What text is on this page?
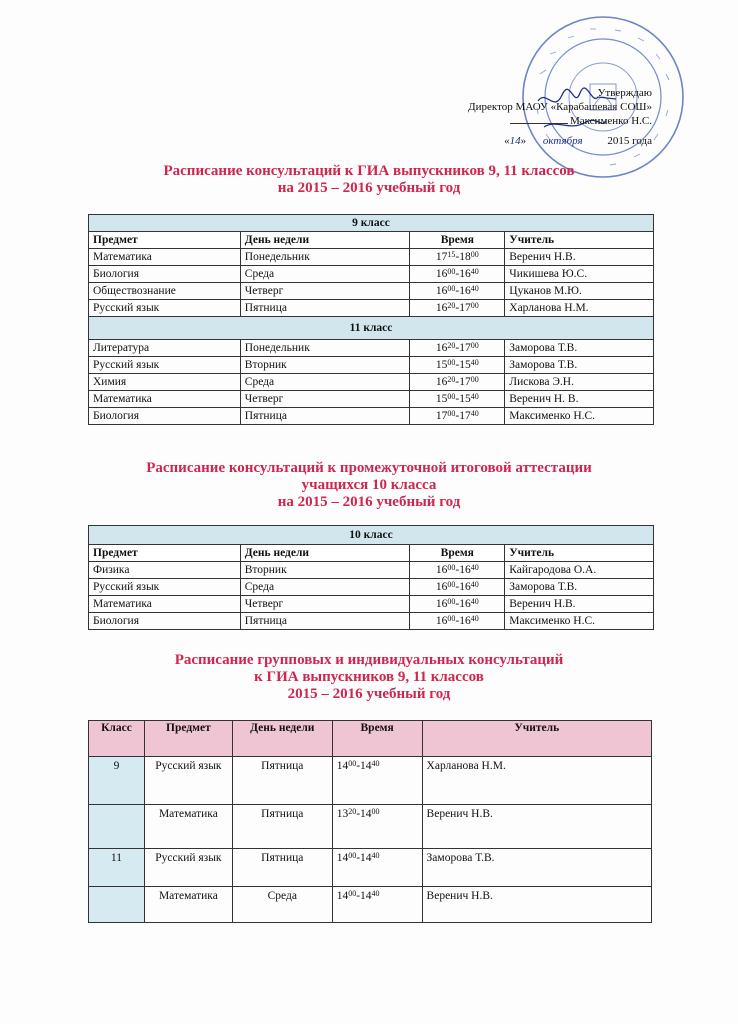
Утверждаю
Директор МАОУ «Карабашевая СОШ»
Максименко Н.С.
«14» октября 2015 года
Расписание консультаций к ГИА выпускников 9, 11 классов
на 2015 – 2016 учебный год
9 класс			
Предмет	День недели	Время	Учитель
Математика	Понедельник	$17^{15}-18^{00}$	Веренич Н.В.
Биология	Среда	$16^{00}-16^{40}$	Чикишева Ю.С.
Обществознание	Четверг	$16^{00}-16^{40}$	Цуканов М.Ю.
Русский язык	Пятница	$16^{20}-17^{00}$	Харланова Н.М.
11 класс			
Литература	Понедельник	$16^{20}-17^{00}$	Заморова Т.В.
Русский язык	Вторник	$15^{00}-15^{40}$	Заморова Т.В.
Химия	Среда	$16^{20}-17^{00}$	Лискова Э.Н.
Математика	Четверг	$15^{00}-15^{40}$	Веренич Н. В.
Биология	Пятница	$17^{00}-17^{40}$	Максименко Н.С.
Расписание консультаций к промежуточной итоговой аттестации
учащихся 10 класса
на 2015 – 2016 учебный год
10 класс			
Предмет	День недели	Время	Учитель
Физика	Вторник	$16^{00}-16^{40}$	Кайгародова О.А.
Русский язык	Среда	$16^{00}-16^{40}$	Заморова Т.В.
Математика	Четверг	$16^{00}-16^{40}$	Веренич Н.В.
Биология	Пятница	$16^{00}-16^{40}$	Максименко Н.С.
Расписание групповых и индивидуальных консультаций
к ГИА выпускников 9, 11 классов
2015 – 2016 учебный год
Класс	Предмет	День недели	Время	Учитель
9	Русский язык	Пятница	$14^{00}-14^{40}$	Харланова Н.М.
	Математика	Пятница	$13^{20}-14^{00}$	Веренич Н.В.
11	Русский язык	Пятница	$14^{00}-14^{40}$	Заморова Т.В.
	Математика	Среда	$14^{00}-14^{40}$	Веренич Н.В.
